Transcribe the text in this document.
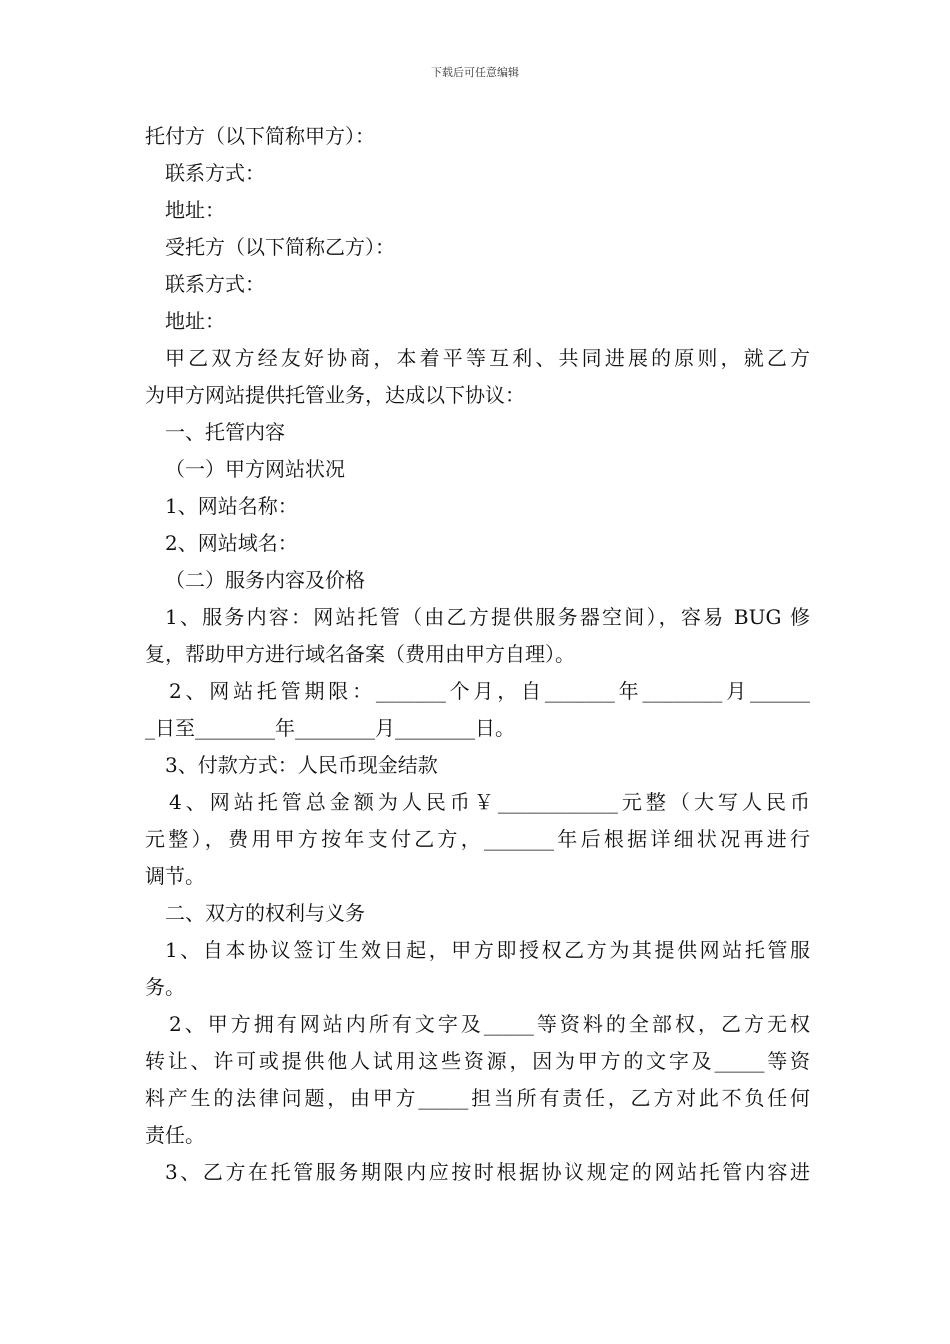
下载后可任意编辑
托付方（以下简称甲方）：
联系方式：
地址：
受托方（以下简称乙方）：
联系方式：
地址：
甲乙双方经友好协商，本着平等互利、共同进展的原则，就乙方
为甲方网站提供托管业务，达成以下协议：
一、托管内容
（一）甲方网站状况
1、网站名称：
2、网站域名：
（二）服务内容及价格
1、服务内容：网站托管（由乙方提供服务器空间），容易 BUG 修
复，帮助甲方进行域名备案（费用由甲方自理）。
2、网站托管期限：_______个月，自_______年________月______
_日至________年________月________日。
3、付款方式：人民币现金结款
4、网站托管总金额为人民币￥____________元整（大写人民币
元整），费用甲方按年支付乙方，_______年后根据详细状况再进行
调节。
二、双方的权利与义务
1、自本协议签订生效日起，甲方即授权乙方为其提供网站托管服
务。
2、甲方拥有网站内所有文字及_____等资料的全部权，乙方无权
转让、许可或提供他人试用这些资源，因为甲方的文字及_____等资
料产生的法律问题，由甲方_____担当所有责任，乙方对此不负任何
责任。
3、乙方在托管服务期限内应按时根据协议规定的网站托管内容进
